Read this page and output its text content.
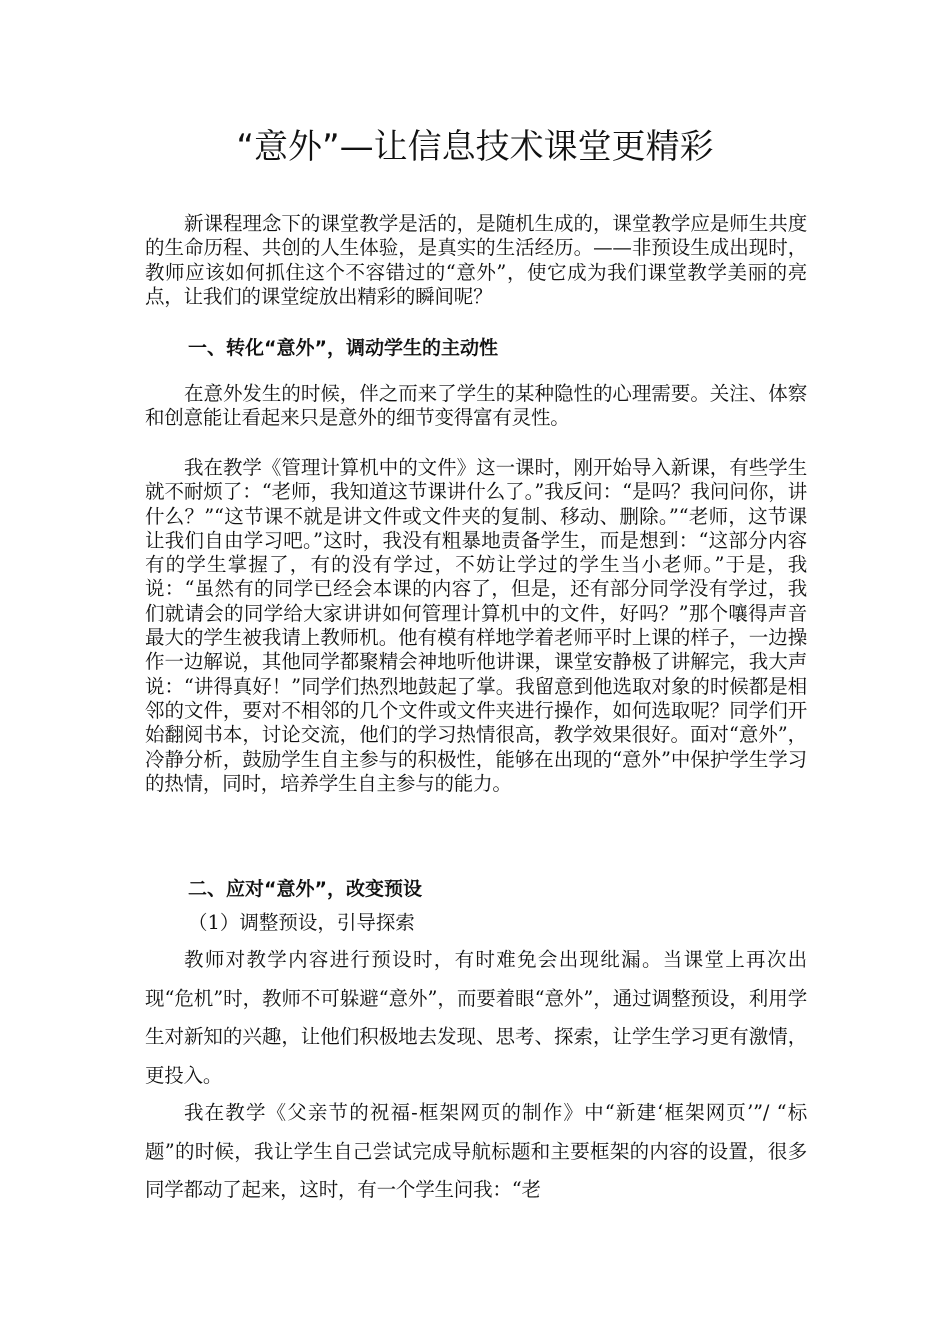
“意外”—让信息技术课堂更精彩

新课程理念下的课堂教学是活的，是随机生成的，课堂教学应是师生共度的生命历程、共创的人生体验，是真实的生活经历。——非预设生成出现时，教师应该如何抓住这个不容错过的“意外”，使它成为我们课堂教学美丽的亮点，让我们的课堂绽放出精彩的瞬间呢？

一、转化“意外”，调动学生的主动性

在意外发生的时候，伴之而来了学生的某种隐性的心理需要。关注、体察和创意能让看起来只是意外的细节变得富有灵性。

我在教学《管理计算机中的文件》这一课时，刚开始导入新课，有些学生就不耐烦了：“老师，我知道这节课讲什么了。”我反问：“是吗？我问问你，讲什么？”“这节课不就是讲文件或文件夹的复制、移动、删除。”“老师，这节课让我们自由学习吧。”这时，我没有粗暴地责备学生，而是想到：“这部分内容有的学生掌握了，有的没有学过，不妨让学过的学生当小老师。”于是，我说：“虽然有的同学已经会本课的内容了，但是，还有部分同学没有学过，我们就请会的同学给大家讲讲如何管理计算机中的文件，好吗？”那个嚷得声音最大的学生被我请上教师机。他有模有样地学着老师平时上课的样子，一边操作一边解说，其他同学都聚精会神地听他讲课，课堂安静极了讲解完，我大声说：“讲得真好！”同学们热烈地鼓起了掌。我留意到他选取对象的时候都是相邻的文件，要对不相邻的几个文件或文件夹进行操作，如何选取呢？同学们开始翻阅书本，讨论交流，他们的学习热情很高，教学效果很好。面对“意外”，冷静分析，鼓励学生自主参与的积极性，能够在出现的“意外”中保护学生学习的热情，同时，培养学生自主参与的能力。

二、应对“意外”，改变预设

（1）调整预设，引导探索

教师对教学内容进行预设时，有时难免会出现纰漏。当课堂上再次出现“危机”时，教师不可躲避“意外”，而要着眼“意外”，通过调整预设，利用学生对新知的兴趣，让他们积极地去发现、思考、探索，让学生学习更有激情，更投入。

我在教学《父亲节的祝福-框架网页的制作》中“新建‘框架网页’”/ “标题”的时候，我让学生自己尝试完成导航标题和主要框架的内容的设置，很多同学都动了起来，这时，有一个学生问我：“老
